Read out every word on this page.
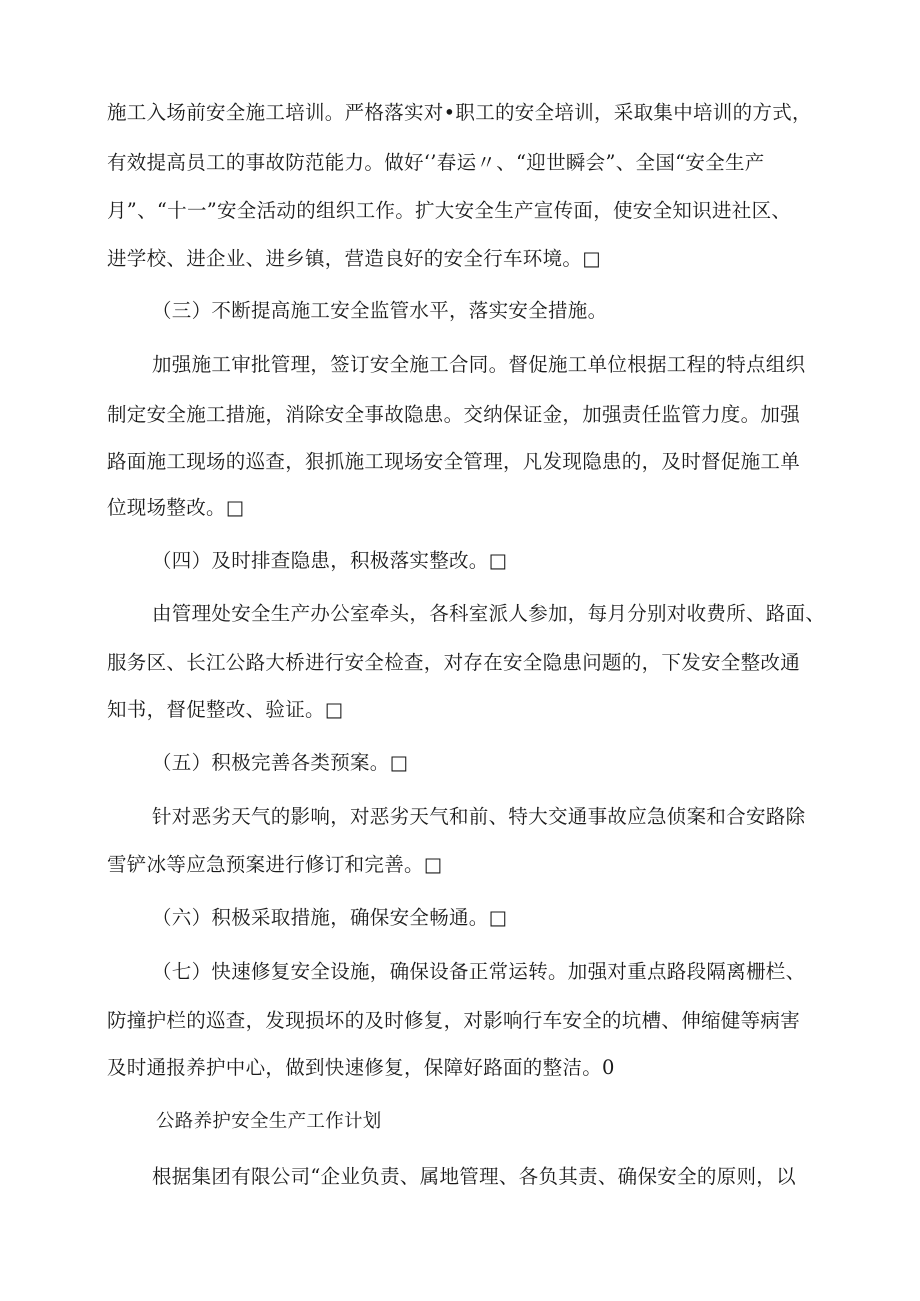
施工入场前安全施工培训。严格落实对•职工的安全培训，采取集中培训的方式，
有效提高员工的事故防范能力。做好‘’春运〃、“迎世瞬会”、全国“安全生产
月”、“十一”安全活动的组织工作。扩大安全生产宣传面，使安全知识进社区、
进学校、进企业、进乡镇，营造良好的安全行车环境。□
（三）不断提高施工安全监管水平，落实安全措施。
加强施工审批管理，签订安全施工合同。督促施工单位根据工程的特点组织
制定安全施工措施，消除安全事故隐患。交纳保证金，加强责任监管力度。加强
路面施工现场的巡查，狠抓施工现场安全管理，凡发现隐患的，及时督促施工单
位现场整改。□
（四）及时排查隐患，积极落实整改。□
由管理处安全生产办公室牵头，各科室派人参加，每月分别对收费所、路面、
服务区、长江公路大桥进行安全检查，对存在安全隐患问题的，下发安全整改通
知书，督促整改、验证。□
（五）积极完善各类预案。□
针对恶劣天气的影响，对恶劣天气和前、特大交通事故应急侦案和合安路除
雪铲冰等应急预案进行修订和完善。□
（六）积极采取措施，确保安全畅通。□
（七）快速修复安全设施，确保设备正常运转。加强对重点路段隔离栅栏、
防撞护栏的巡查，发现损坏的及时修复，对影响行车安全的坑槽、伸缩健等病害
及时通报养护中心，做到快速修复，保障好路面的整洁。0
公路养护安全生产工作计划
根据集团有限公司“企业负责、属地管理、各负其责、确保安全的原则，以
